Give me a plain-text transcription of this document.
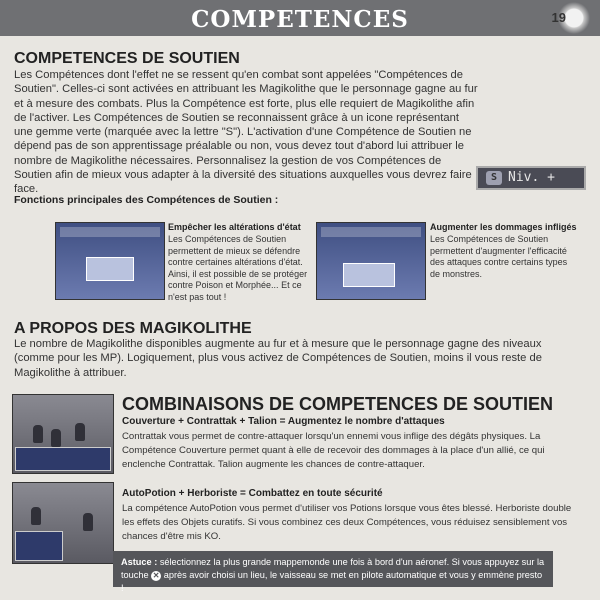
COMPETENCES	19
COMPETENCES DE SOUTIEN

Les Compétences dont l'effet ne se ressent qu'en combat sont appelées "Compétences de Soutien". Celles-ci sont activées en attribuant les Magikolithe que le personnage gagne au fur et à mesure des combats. Plus la Compétence est forte, plus elle requiert de Magikolithe afin de l'activer. Les Compétences de Soutien se reconnaissent grâce à un icone représentant une gemme verte (marquée avec la lettre "S"). L'activation d'une Compétence de Soutien ne dépend pas de son apprentissage préalable ou non, vous devez tout d'abord lui attribuer le nombre de Magikolithe nécessaires. Personnalisez la gestion de vos Compétences de Soutien afin de mieux vous adapter à la diversité des situations auxquelles vous devrez faire face.

S Niv. +
Fonctions principales des Compétences de Soutien :
Empêcher les altérations d'état

Les Compétences de Soutien permettent de mieux se défendre contre certaines altérations d'état. Ainsi, il est possible de se protéger contre Poison et Morphée... Et ce n'est pas tout !

Augmenter les dommages infligés

Les Compétences de Soutien permettent d'augmenter l'efficacité des attaques contre certains types de monstres.

A PROPOS DES MAGIKOLITHE

Le nombre de Magikolithe disponibles augmente au fur et à mesure que le personnage gagne des niveaux (comme pour les MP). Logiquement, plus vous activez de Compétences de Soutien, moins il vous reste de Magikolithe à attribuer.

COMBINAISONS DE COMPETENCES DE SOUTIEN
Couverture + Contrattak + Talion = Augmentez le nombre d'attaques

Contrattak vous permet de contre-attaquer lorsqu'un ennemi vous inflige des dégâts physiques. La Compétence Couverture permet quant à elle de recevoir des dommages à la place d'un allié, ce qui enclenche Contrattak. Talion augmente les chances de contre-attaquer.

AutoPotion + Herboriste = Combattez en toute sécurité

La compétence AutoPotion vous permet d'utiliser vos Potions lorsque vous êtes blessé. Herboriste double les effets des Objets curatifs. Si vous combinez ces deux Compétences, vous réduisez sensiblement vos chances d'être mis KO.

Astuce : sélectionnez la plus grande mappemonde une fois à bord d'un aéronef. Si vous appuyez sur la touche ✕ après avoir choisi un lieu, le vaisseau se met en pilote automatique et vous y emmène presto !
